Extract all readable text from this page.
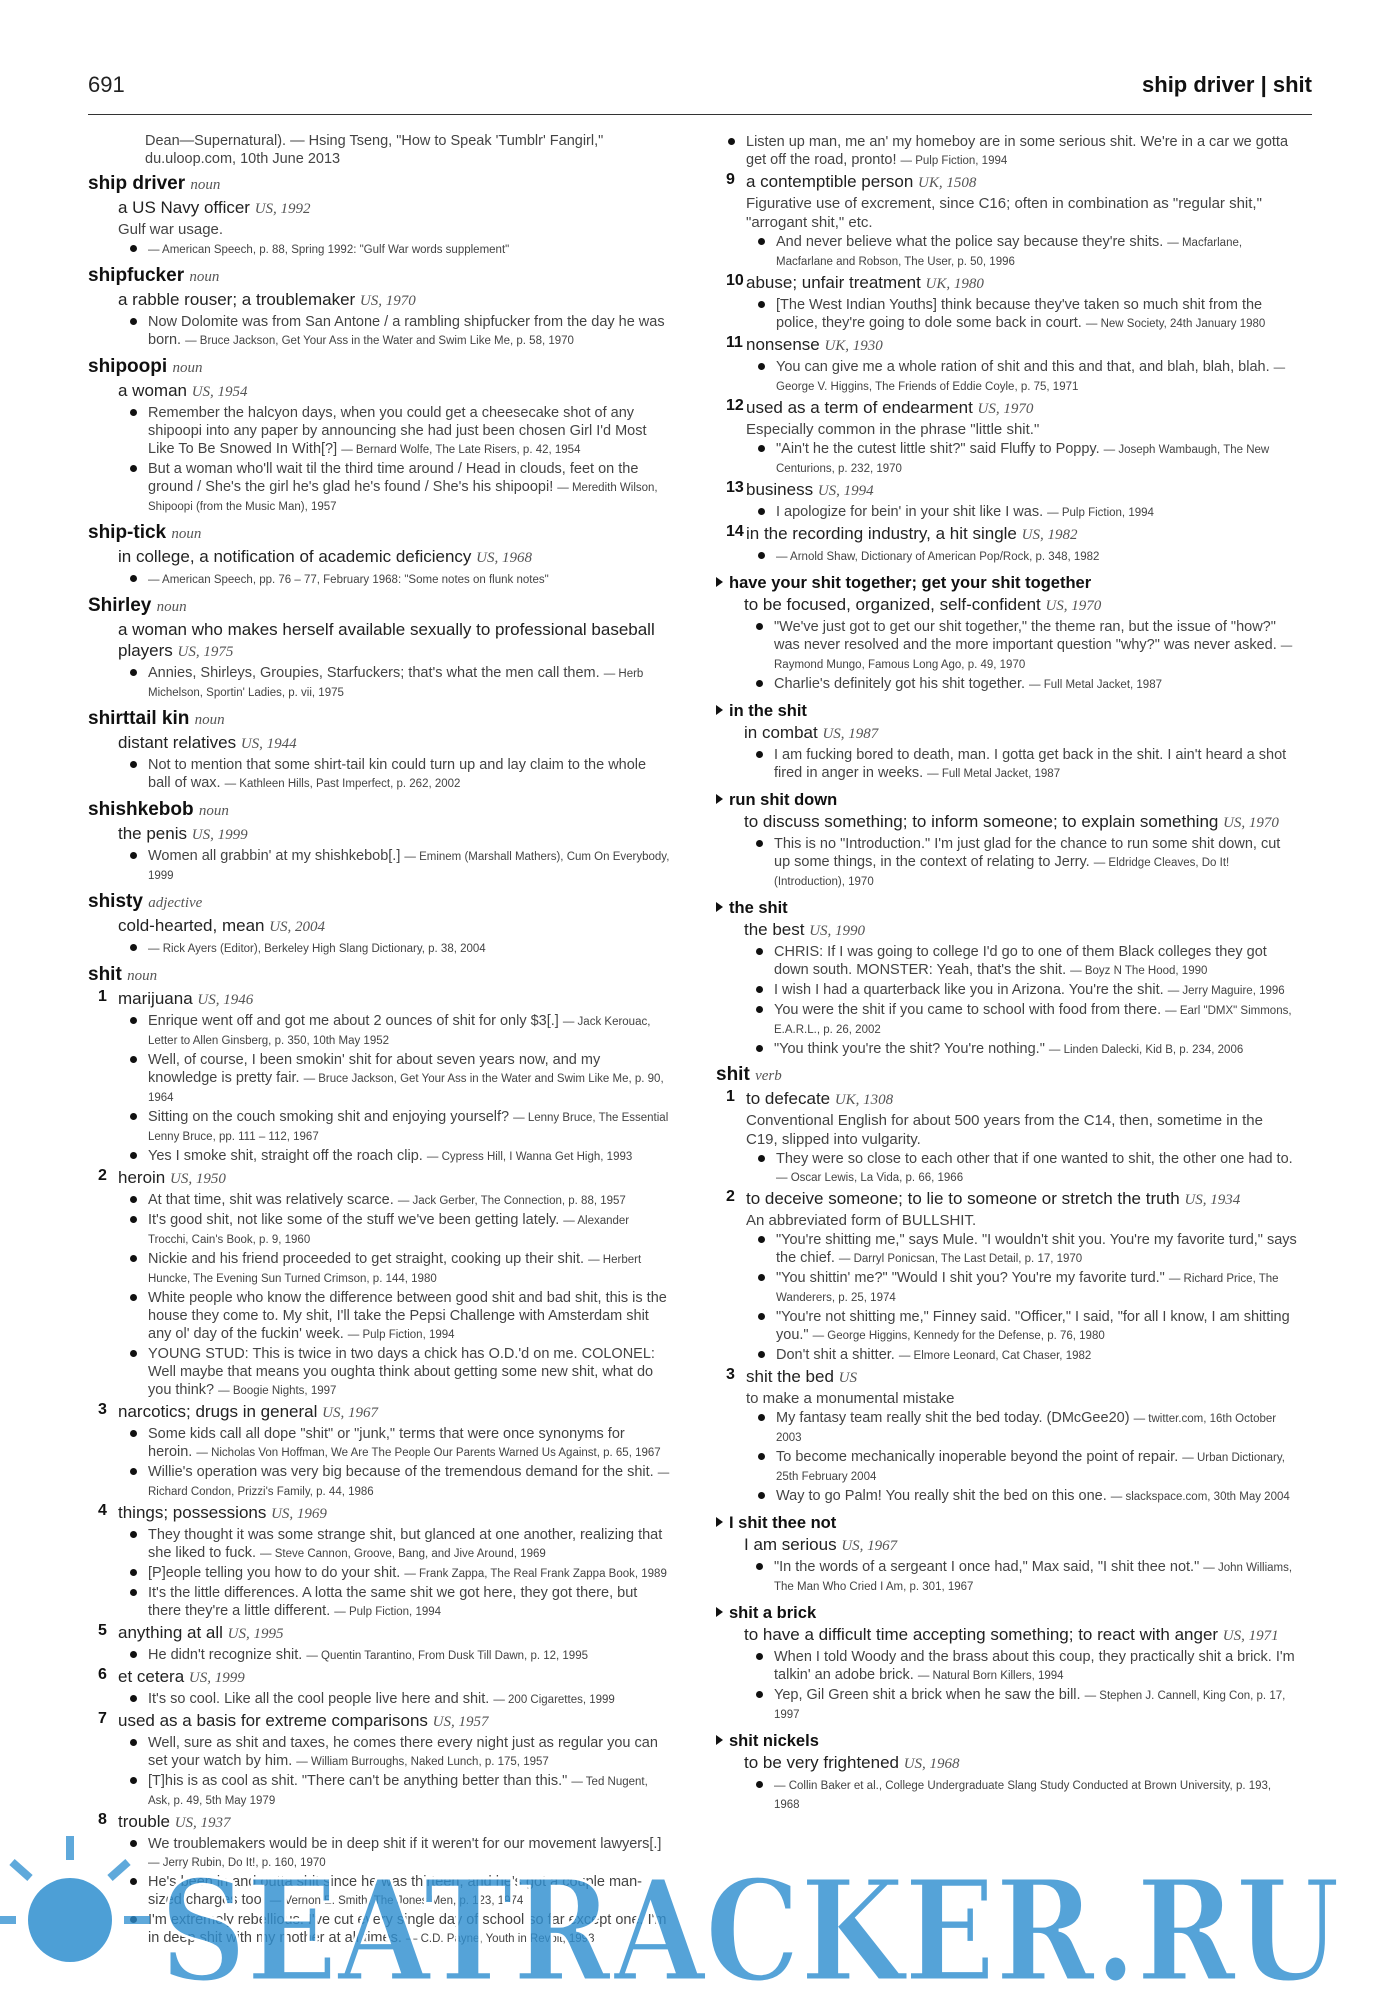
691	ship driver | shit
Dean—Supernatural). — Hsing Tseng, "How to Speak 'Tumblr' Fangirl," du.uloop.com, 10th June 2013
ship driver noun
a US Navy officer US, 1992
Gulf war usage.
— American Speech, p. 88, Spring 1992: "Gulf War words supplement"
shipfucker noun
a rabble rouser; a troublemaker US, 1970
Now Dolomite was from San Antone / a rambling shipfucker from the day he was born. — Bruce Jackson, Get Your Ass in the Water and Swim Like Me, p. 58, 1970
shipoopi noun
a woman US, 1954
Remember the halcyon days, when you could get a cheesecake shot of any shipoopi into any paper by announcing she had just been chosen Girl I'd Most Like To Be Snowed In With[?] — Bernard Wolfe, The Late Risers, p. 42, 1954
But a woman who'll wait til the third time around / Head in clouds, feet on the ground / She's the girl he's glad he's found / She's his shipoopi! — Meredith Wilson, Shipoopi (from the Music Man), 1957
ship-tick noun
in college, a notification of academic deficiency US, 1968
— American Speech, pp. 76 – 77, February 1968: "Some notes on flunk notes"
Shirley noun
a woman who makes herself available sexually to professional baseball players US, 1975
Annies, Shirleys, Groupies, Starfuckers; that's what the men call them. — Herb Michelson, Sportin' Ladies, p. vii, 1975
shirttail kin noun
distant relatives US, 1944
Not to mention that some shirt-tail kin could turn up and lay claim to the whole ball of wax. — Kathleen Hills, Past Imperfect, p. 262, 2002
shishkebob noun
the penis US, 1999
Women all grabbin' at my shishkebob[.] — Eminem (Marshall Mathers), Cum On Everybody, 1999
shisty adjective
cold-hearted, mean US, 2004
— Rick Ayers (Editor), Berkeley High Slang Dictionary, p. 38, 2004
shit noun
1 marijuana US, 1946
Enrique went off and got me about 2 ounces of shit for only $3[.] — Jack Kerouac, Letter to Allen Ginsberg, p. 350, 10th May 1952
Well, of course, I been smokin' shit for about seven years now, and my knowledge is pretty fair. — Bruce Jackson, Get Your Ass in the Water and Swim Like Me, p. 90, 1964
Sitting on the couch smoking shit and enjoying yourself? — Lenny Bruce, The Essential Lenny Bruce, pp. 111 – 112, 1967
Yes I smoke shit, straight off the roach clip. — Cypress Hill, I Wanna Get High, 1993
2 heroin US, 1950
At that time, shit was relatively scarce. — Jack Gerber, The Connection, p. 88, 1957
It's good shit, not like some of the stuff we've been getting lately. — Alexander Trocchi, Cain's Book, p. 9, 1960
Nickie and his friend proceeded to get straight, cooking up their shit. — Herbert Huncke, The Evening Sun Turned Crimson, p. 144, 1980
White people who know the difference between good shit and bad shit, this is the house they come to. My shit, I'll take the Pepsi Challenge with Amsterdam shit any ol' day of the fuckin' week. — Pulp Fiction, 1994
YOUNG STUD: This is twice in two days a chick has O.D.'d on me. COLONEL: Well maybe that means you oughta think about getting some new shit, what do you think? — Boogie Nights, 1997
3 narcotics; drugs in general US, 1967
Some kids call all dope "shit" or "junk," terms that were once synonyms for heroin. — Nicholas Von Hoffman, We Are The People Our Parents Warned Us Against, p. 65, 1967
Willie's operation was very big because of the tremendous demand for the shit. — Richard Condon, Prizzi's Family, p. 44, 1986
4 things; possessions US, 1969
They thought it was some strange shit, but glanced at one another, realizing that she liked to fuck. — Steve Cannon, Groove, Bang, and Jive Around, 1969
[P]eople telling you how to do your shit. — Frank Zappa, The Real Frank Zappa Book, 1989
It's the little differences. A lotta the same shit we got here, they got there, but there they're a little different. — Pulp Fiction, 1994
5 anything at all US, 1995
He didn't recognize shit. — Quentin Tarantino, From Dusk Till Dawn, p. 12, 1995
6 et cetera US, 1999
It's so cool. Like all the cool people live here and shit. — 200 Cigarettes, 1999
7 used as a basis for extreme comparisons US, 1957
Well, sure as shit and taxes, he comes there every night just as regular you can set your watch by him. — William Burroughs, Naked Lunch, p. 175, 1957
[T]his is as cool as shit. "There can't be anything better than this." — Ted Nugent, Ask, p. 49, 5th May 1979
8 trouble US, 1937
We troublemakers would be in deep shit if it weren't for our movement lawyers[.] — Jerry Rubin, Do It!, p. 160, 1970
He's been in and outta shit since he was thirteen, and he's got a couple man-sized charges too. — Vernon E. Smith, The Jones Men, p. 123, 1974
I'm extremely rebellious. I've cut every single day of school so far except one. I'm in deep shit with my mother at all times. — C.D. Payne, Youth in Revolt, 1993
Listen up man, me an' my homeboy are in some serious shit. We're in a car we gotta get off the road, pronto! — Pulp Fiction, 1994
9 a contemptible person UK, 1508
Figurative use of excrement, since C16; often in combination as "regular shit," "arrogant shit," etc.
And never believe what the police say because they're shits. — Macfarlane, Macfarlane and Robson, The User, p. 50, 1996
10 abuse; unfair treatment UK, 1980
[The West Indian Youths] think because they've taken so much shit from the police, they're going to dole some back in court. — New Society, 24th January 1980
11 nonsense UK, 1930
You can give me a whole ration of shit and this and that, and blah, blah, blah. — George V. Higgins, The Friends of Eddie Coyle, p. 75, 1971
12 used as a term of endearment US, 1970
Especially common in the phrase "little shit."
"Ain't he the cutest little shit?" said Fluffy to Poppy. — Joseph Wambaugh, The New Centurions, p. 232, 1970
13 business US, 1994
I apologize for bein' in your shit like I was. — Pulp Fiction, 1994
14 in the recording industry, a hit single US, 1982
— Arnold Shaw, Dictionary of American Pop/Rock, p. 348, 1982
have your shit together; get your shit together
to be focused, organized, self-confident US, 1970
"We've just got to get our shit together," the theme ran, but the issue of "how?" was never resolved and the more important question "why?" was never asked. — Raymond Mungo, Famous Long Ago, p. 49, 1970
Charlie's definitely got his shit together. — Full Metal Jacket, 1987
in the shit
in combat US, 1987
I am fucking bored to death, man. I gotta get back in the shit. I ain't heard a shot fired in anger in weeks. — Full Metal Jacket, 1987
run shit down
to discuss something; to inform someone; to explain something US, 1970
This is no "Introduction." I'm just glad for the chance to run some shit down, cut up some things, in the context of relating to Jerry. — Eldridge Cleaves, Do It! (Introduction), 1970
the shit
the best US, 1990
CHRIS: If I was going to college I'd go to one of them Black colleges they got down south. MONSTER: Yeah, that's the shit. — Boyz N The Hood, 1990
I wish I had a quarterback like you in Arizona. You're the shit. — Jerry Maguire, 1996
You were the shit if you came to school with food from there. — Earl "DMX" Simmons, E.A.R.L., p. 26, 2002
"You think you're the shit? You're nothing." — Linden Dalecki, Kid B, p. 234, 2006
shit verb
1 to defecate UK, 1308
Conventional English for about 500 years from the C14, then, sometime in the C19, slipped into vulgarity.
They were so close to each other that if one wanted to shit, the other one had to. — Oscar Lewis, La Vida, p. 66, 1966
2 to deceive someone; to lie to someone or stretch the truth US, 1934
An abbreviated form of BULLSHIT.
"You're shitting me," says Mule. "I wouldn't shit you. You're my favorite turd," says the chief. — Darryl Ponicsan, The Last Detail, p. 17, 1970
"You shittin' me?" "Would I shit you? You're my favorite turd." — Richard Price, The Wanderers, p. 25, 1974
"You're not shitting me," Finney said. "Officer," I said, "for all I know, I am shitting you." — George Higgins, Kennedy for the Defense, p. 76, 1980
Don't shit a shitter. — Elmore Leonard, Cat Chaser, 1982
3 shit the bed US
to make a monumental mistake
My fantasy team really shit the bed today. (DMcGee20) — twitter.com, 16th October 2003
To become mechanically inoperable beyond the point of repair. — Urban Dictionary, 25th February 2004
Way to go Palm! You really shit the bed on this one. — slackspace.com, 30th May 2004
I shit thee not
I am serious US, 1967
"In the words of a sergeant I once had," Max said, "I shit thee not." — John Williams, The Man Who Cried I Am, p. 301, 1967
shit a brick
to have a difficult time accepting something; to react with anger US, 1971
When I told Woody and the brass about this coup, they practically shit a brick. I'm talkin' an adobe brick. — Natural Born Killers, 1994
Yep, Gil Green shit a brick when he saw the bill. — Stephen J. Cannell, King Con, p. 17, 1997
shit nickels
to be very frightened US, 1968
— Collin Baker et al., College Undergraduate Slang Study Conducted at Brown University, p. 193, 1968
SEATRACKER.RU
